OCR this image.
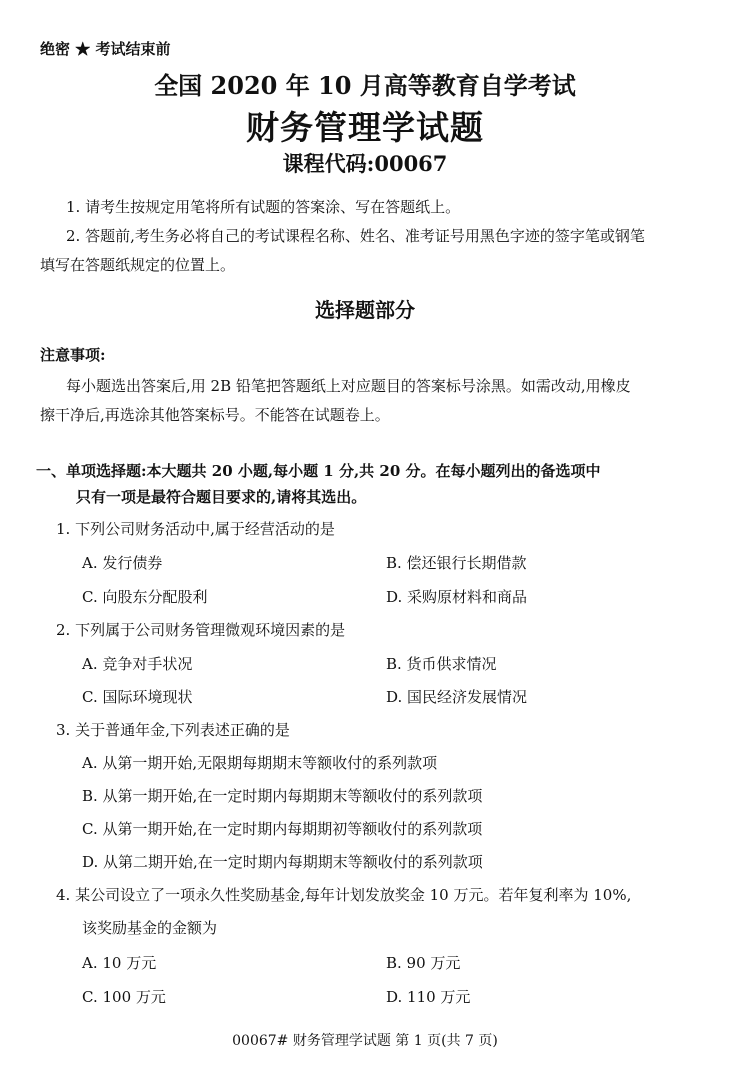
绝密 ★ 考试结束前
全国 2020 年 10 月高等教育自学考试
财务管理学试题
课程代码:00067
1. 请考生按规定用笔将所有试题的答案涂、写在答题纸上。
2. 答题前,考生务必将自己的考试课程名称、姓名、准考证号用黑色字迹的签字笔或钢笔
填写在答题纸规定的位置上。
选择题部分
注意事项:
每小题选出答案后,用 2B 铅笔把答题纸上对应题目的答案标号涂黑。如需改动,用橡皮
擦干净后,再选涂其他答案标号。不能答在试题卷上。
一、单项选择题:本大题共 20 小题,每小题 1 分,共 20 分。在每小题列出的备选项中
只有一项是最符合题目要求的,请将其选出。
1. 下列公司财务活动中,属于经营活动的是
A. 发行债券	B. 偿还银行长期借款
C. 向股东分配股利	D. 采购原材料和商品
2. 下列属于公司财务管理微观环境因素的是
A. 竞争对手状况	B. 货币供求情况
C. 国际环境现状	D. 国民经济发展情况
3. 关于普通年金,下列表述正确的是
A. 从第一期开始,无限期每期期末等额收付的系列款项
B. 从第一期开始,在一定时期内每期期末等额收付的系列款项
C. 从第一期开始,在一定时期内每期期初等额收付的系列款项
D. 从第二期开始,在一定时期内每期期末等额收付的系列款项
4. 某公司设立了一项永久性奖励基金,每年计划发放奖金 10 万元。若年复利率为 10%,
该奖励基金的金额为
A. 10 万元	B. 90 万元
C. 100 万元	D. 110 万元
00067# 财务管理学试题 第 1 页(共 7 页)
